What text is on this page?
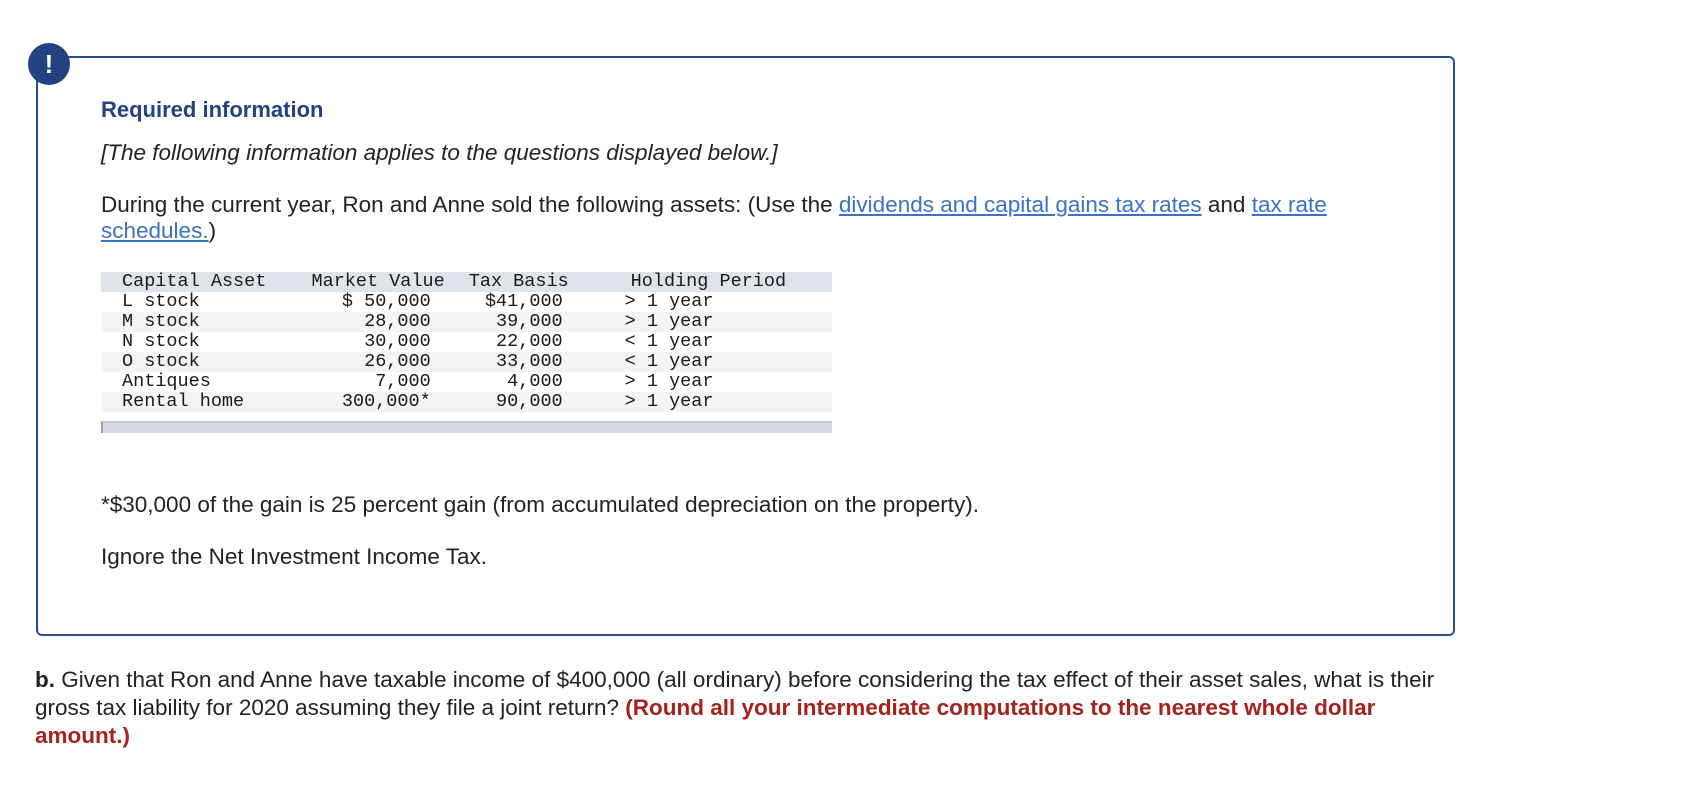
!
Required information
[The following information applies to the questions displayed below.]
During the current year, Ron and Anne sold the following assets: (Use the dividends and capital gains tax rates and tax rate schedules.)
Capital Asset	Market Value	Tax Basis	Holding Period
L stock	$ 50,000	$41,000	> 1 year
M stock	28,000	39,000	> 1 year
N stock	30,000	22,000	< 1 year
O stock	26,000	33,000	< 1 year
Antiques	7,000	4,000	> 1 year
Rental home	300,000*	90,000	> 1 year
*$30,000 of the gain is 25 percent gain (from accumulated depreciation on the property).
Ignore the Net Investment Income Tax.
b. Given that Ron and Anne have taxable income of $400,000 (all ordinary) before considering the tax effect of their asset sales, what is their gross tax liability for 2020 assuming they file a joint return? (Round all your intermediate computations to the nearest whole dollar amount.)
